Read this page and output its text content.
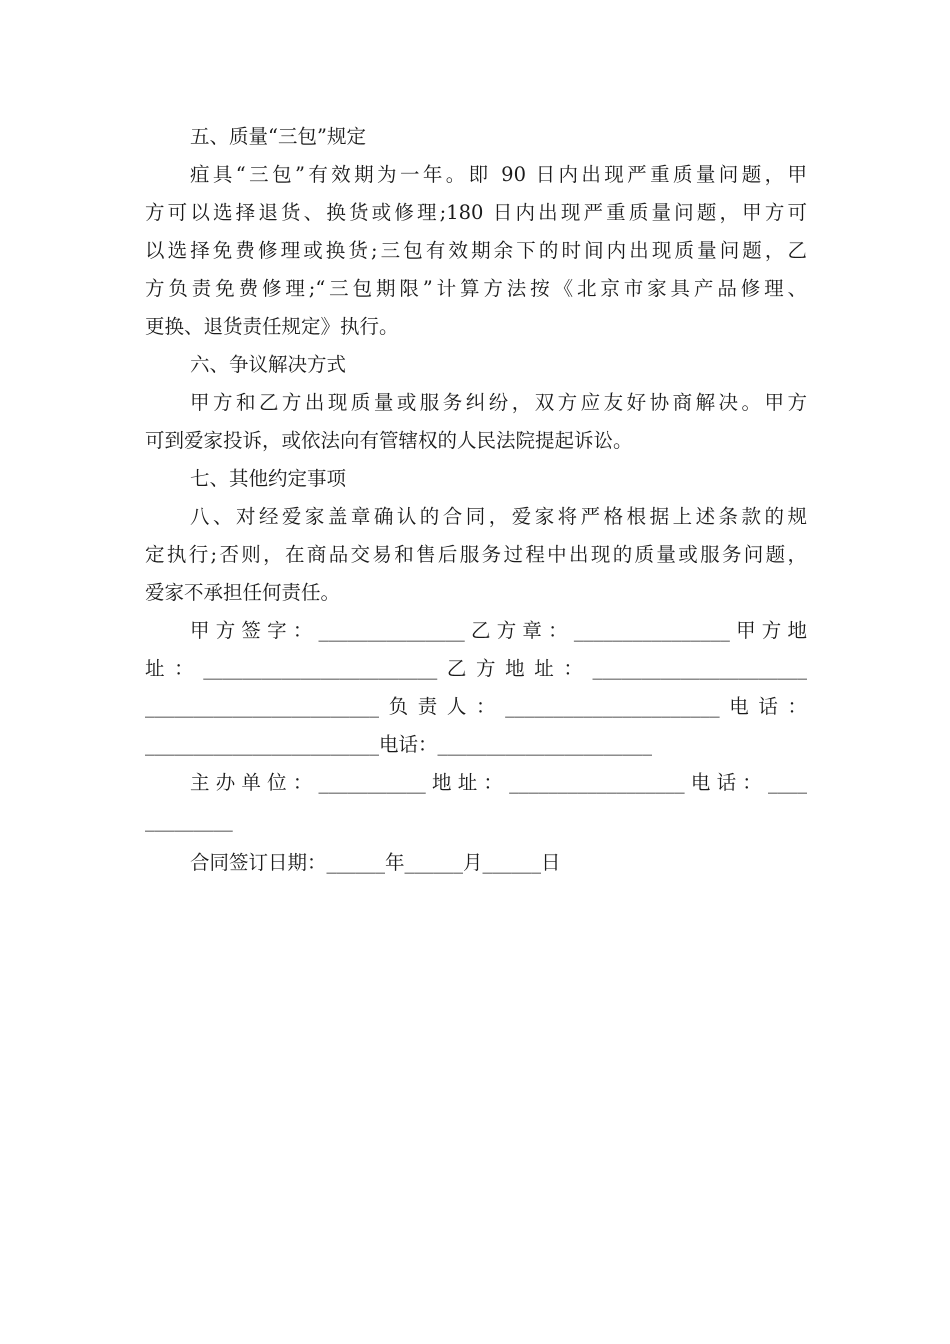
五、质量“三包”规定
疽具“三包”有效期为一年。即 90 日内出现严重质量问题，甲
方可以选择退货、换货或修理;180 日内出现严重质量问题，甲方可
以选择免费修理或换货;三包有效期余下的时间内出现质量问题，乙
方负责免费修理;“三包期限”计算方法按《北京市家具产品修理、
更换、退货责任规定》执行。
六、争议解决方式
甲方和乙方出现质量或服务纠纷，双方应友好协商解决。甲方
可到爱家投诉，或依法向有管辖权的人民法院提起诉讼。
七、其他约定事项
八、对经爱家盖章确认的合同，爱家将严格根据上述条款的规
定执行;否则，在商品交易和售后服务过程中出现的质量或服务问题，
爱家不承担任何责任。
甲方签字：_______________乙方章：________________甲方地
址：________________________乙方地址：______________________
________________________负责人：______________________电话：
________________________电话：______________________
主办单位：___________地址：__________________电话：____
_________
合同签订日期：______年______月______日
